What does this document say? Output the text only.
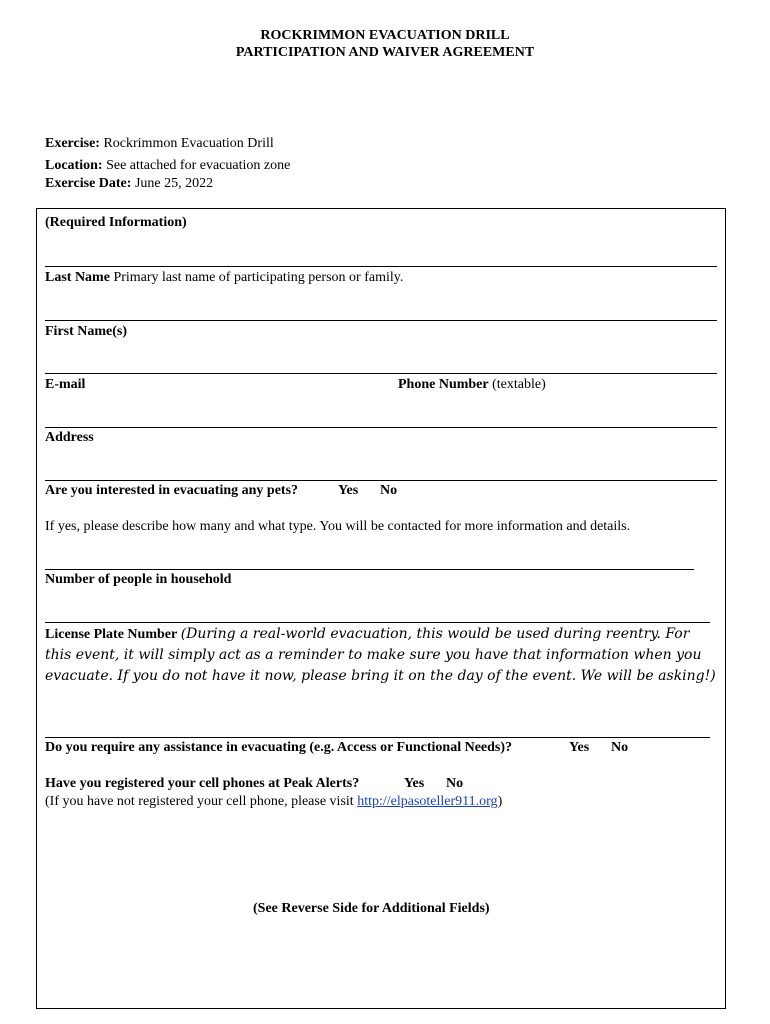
ROCKRIMMON EVACUATION DRILL
PARTICIPATION AND WAIVER AGREEMENT
Exercise: Rockrimmon Evacuation Drill
Location: See attached for evacuation zone
Exercise Date: June 25, 2022
(Required Information)
Last Name Primary last name of participating person or family.
First Name(s)
E-mail	Phone Number (textable)
Address
Are you interested in evacuating any pets?	Yes No
If yes, please describe how many and what type. You will be contacted for more information and details.
Number of people in household
License Plate Number (During a real-world evacuation, this would be used during reentry. For this event, it will simply act as a reminder to make sure you have that information when you evacuate. If you do not have it now, please bring it on the day of the event. We will be asking!)
Do you require any assistance in evacuating (e.g. Access or Functional Needs)?	Yes No
Have you registered your cell phones at Peak Alerts?	Yes No
(If you have not registered your cell phone, please visit http://elpasoteller911.org)
(See Reverse Side for Additional Fields)
